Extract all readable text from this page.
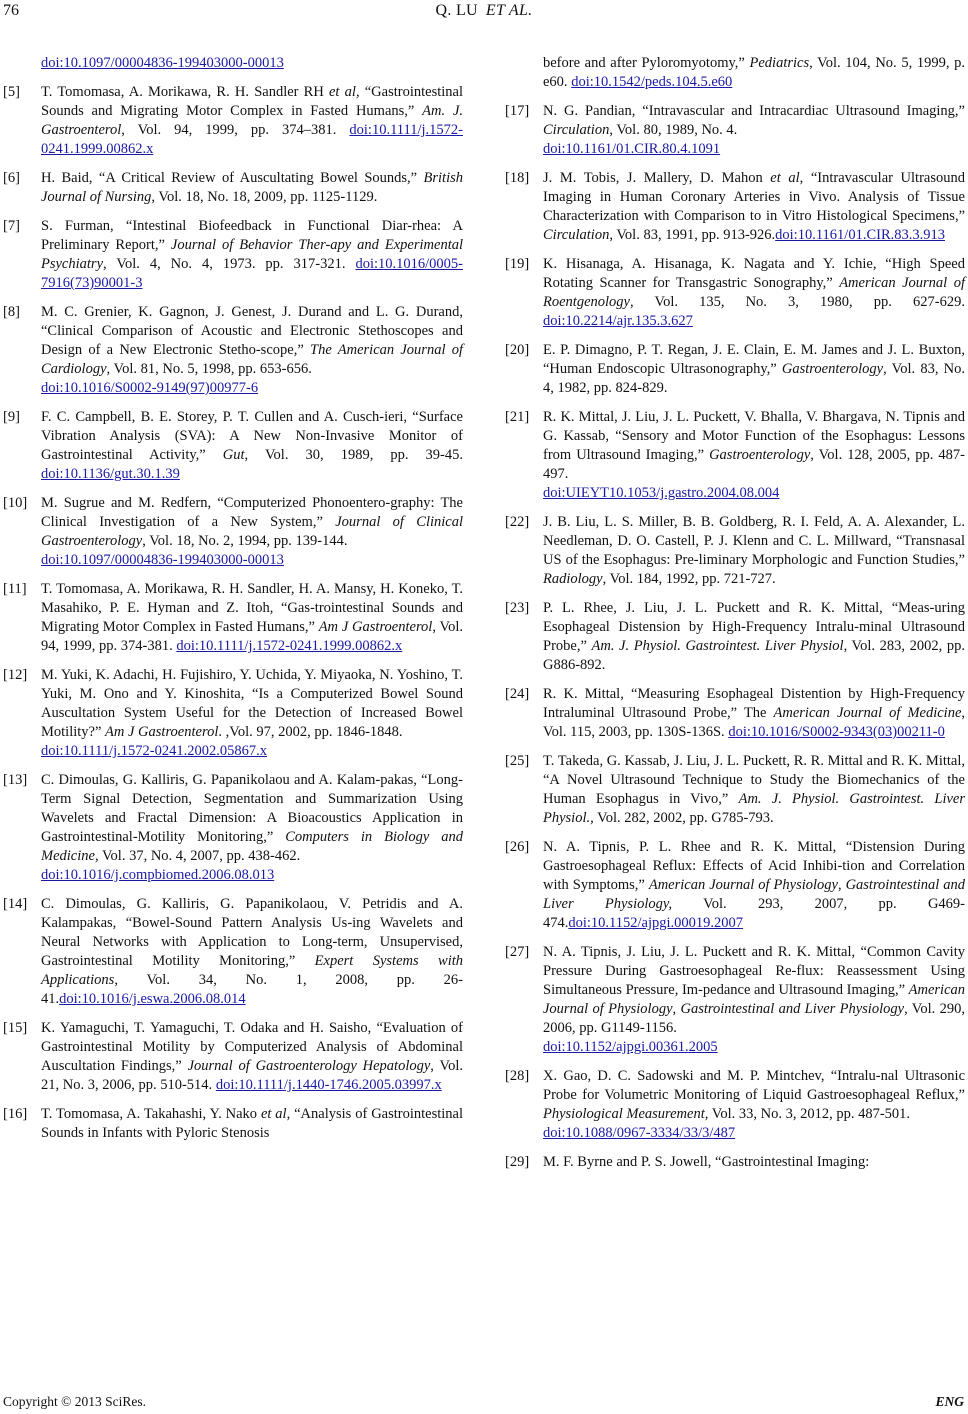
76	Q. LU ET AL.
doi:10.1097/00004836-199403000-00013
[5] T. Tomomasa, A. Morikawa, R. H. Sandler RH et al, “Gastrointestinal Sounds and Migrating Motor Complex in Fasted Humans,” Am. J. Gastroenterol, Vol. 94, 1999, pp. 374–381. doi:10.1111/j.1572-0241.1999.00862.x
[6] H. Baid, “A Critical Review of Auscultating Bowel Sounds,” British Journal of Nursing, Vol. 18, No. 18, 2009, pp. 1125-1129.
[7] S. Furman, “Intestinal Biofeedback in Functional Diar-rhea: A Preliminary Report,” Journal of Behavior Ther-apy and Experimental Psychiatry, Vol. 4, No. 4, 1973. pp. 317-321. doi:10.1016/0005-7916(73)90001-3
[8] M. C. Grenier, K. Gagnon, J. Genest, J. Durand and L. G. Durand, “Clinical Comparison of Acoustic and Electronic Stethoscopes and Design of a New Electronic Stetho-scope,” The American Journal of Cardiology, Vol. 81, No. 5, 1998, pp. 653-656.
doi:10.1016/S0002-9149(97)00977-6
[9] F. C. Campbell, B. E. Storey, P. T. Cullen and A. Cusch-ieri, “Surface Vibration Analysis (SVA): A New Non-Invasive Monitor of Gastrointestinal Activity,” Gut, Vol. 30, 1989, pp. 39-45. doi:10.1136/gut.30.1.39
[10] M. Sugrue and M. Redfern, “Computerized Phonoentero-graphy: The Clinical Investigation of a New System,” Journal of Clinical Gastroenterology, Vol. 18, No. 2, 1994, pp. 139-144.
doi:10.1097/00004836-199403000-00013
[11] T. Tomomasa, A. Morikawa, R. H. Sandler, H. A. Mansy, H. Koneko, T. Masahiko, P. E. Hyman and Z. Itoh, “Gas-trointestinal Sounds and Migrating Motor Complex in Fasted Humans,” Am J Gastroenterol, Vol. 94, 1999, pp. 374-381. doi:10.1111/j.1572-0241.1999.00862.x
[12] M. Yuki, K. Adachi, H. Fujishiro, Y. Uchida, Y. Miyaoka, N. Yoshino, T. Yuki, M. Ono and Y. Kinoshita, “Is a Computerized Bowel Sound Auscultation System Useful for the Detection of Increased Bowel Motility?” Am J Gastroenterol. ,Vol. 97, 2002, pp. 1846-1848.
doi:10.1111/j.1572-0241.2002.05867.x
[13] C. Dimoulas, G. Kalliris, G. Papanikolaou and A. Kalam-pakas, “Long-Term Signal Detection, Segmentation and Summarization Using Wavelets and Fractal Dimension: A Bioacoustics Application in Gastrointestinal-Motility Monitoring,” Computers in Biology and Medicine, Vol. 37, No. 4, 2007, pp. 438-462.
doi:10.1016/j.compbiomed.2006.08.013
[14] C. Dimoulas, G. Kalliris, G. Papanikolaou, V. Petridis and A. Kalampakas, “Bowel-Sound Pattern Analysis Us-ing Wavelets and Neural Networks with Application to Long-term, Unsupervised, Gastrointestinal Motility Monitoring,” Expert Systems with Applications, Vol. 34, No. 1, 2008, pp. 26-41.doi:10.1016/j.eswa.2006.08.014
[15] K. Yamaguchi, T. Yamaguchi, T. Odaka and H. Saisho, “Evaluation of Gastrointestinal Motility by Computerized Analysis of Abdominal Auscultation Findings,” Journal of Gastroenterology Hepatology, Vol. 21, No. 3, 2006, pp. 510-514. doi:10.1111/j.1440-1746.2005.03997.x
[16] T. Tomomasa, A. Takahashi, Y. Nako et al, “Analysis of Gastrointestinal Sounds in Infants with Pyloric Stenosis
before and after Pyloromyotomy,” Pediatrics, Vol. 104, No. 5, 1999, p. e60. doi:10.1542/peds.104.5.e60
[17] N. G. Pandian, “Intravascular and Intracardiac Ultrasound Imaging,” Circulation, Vol. 80, 1989, No. 4.
doi:10.1161/01.CIR.80.4.1091
[18] J. M. Tobis, J. Mallery, D. Mahon et al, “Intravascular Ultrasound Imaging in Human Coronary Arteries in Vivo. Analysis of Tissue Characterization with Comparison to in Vitro Histological Specimens,” Circulation, Vol. 83, 1991, pp. 913-926.doi:10.1161/01.CIR.83.3.913
[19] K. Hisanaga, A. Hisanaga, K. Nagata and Y. Ichie, “High Speed Rotating Scanner for Transgastric Sonography,” American Journal of Roentgenology, Vol. 135, No. 3, 1980, pp. 627-629. doi:10.2214/ajr.135.3.627
[20] E. P. Dimagno, P. T. Regan, J. E. Clain, E. M. James and J. L. Buxton, “Human Endoscopic Ultrasonography,” Gastroenterology, Vol. 83, No. 4, 1982, pp. 824-829.
[21] R. K. Mittal, J. Liu, J. L. Puckett, V. Bhalla, V. Bhargava, N. Tipnis and G. Kassab, “Sensory and Motor Function of the Esophagus: Lessons from Ultrasound Imaging,” Gastroenterology, Vol. 128, 2005, pp. 487-497.
doi:UIEYT10.1053/j.gastro.2004.08.004
[22] J. B. Liu, L. S. Miller, B. B. Goldberg, R. I. Feld, A. A. Alexander, L. Needleman, D. O. Castell, P. J. Klenn and C. L. Millward, “Transnasal US of the Esophagus: Pre-liminary Morphologic and Function Studies,” Radiology, Vol. 184, 1992, pp. 721-727.
[23] P. L. Rhee, J. Liu, J. L. Puckett and R. K. Mittal, “Meas-uring Esophageal Distension by High-Frequency Intralu-minal Ultrasound Probe,” Am. J. Physiol. Gastrointest. Liver Physiol, Vol. 283, 2002, pp. G886-892.
[24] R. K. Mittal, “Measuring Esophageal Distention by High-Frequency Intraluminal Ultrasound Probe,” The American Journal of Medicine, Vol. 115, 2003, pp. 130S-136S. doi:10.1016/S0002-9343(03)00211-0
[25] T. Takeda, G. Kassab, J. Liu, J. L. Puckett, R. R. Mittal and R. K. Mittal, “A Novel Ultrasound Technique to Study the Biomechanics of the Human Esophagus in Vivo,” Am. J. Physiol. Gastrointest. Liver Physiol., Vol. 282, 2002, pp. G785-793.
[26] N. A. Tipnis, P. L. Rhee and R. K. Mittal, “Distension During Gastroesophageal Reflux: Effects of Acid Inhibi-tion and Correlation with Symptoms,” American Journal of Physiology, Gastrointestinal and Liver Physiology, Vol. 293, 2007, pp. G469-474.doi:10.1152/ajpgi.00019.2007
[27] N. A. Tipnis, J. Liu, J. L. Puckett and R. K. Mittal, “Common Cavity Pressure During Gastroesophageal Re-flux: Reassessment Using Simultaneous Pressure, Im-pedance and Ultrasound Imaging,” American Journal of Physiology, Gastrointestinal and Liver Physiology, Vol. 290, 2006, pp. G1149-1156.
doi:10.1152/ajpgi.00361.2005
[28] X. Gao, D. C. Sadowski and M. P. Mintchev, “Intralu-nal Ultrasonic Probe for Volumetric Monitoring of Liquid Gastroesophageal Reflux,” Physiological Measurement, Vol. 33, No. 3, 2012, pp. 487-501.
doi:10.1088/0967-3334/33/3/487
[29] M. F. Byrne and P. S. Jowell, “Gastrointestinal Imaging:
Copyright © 2013 SciRes.	ENG
